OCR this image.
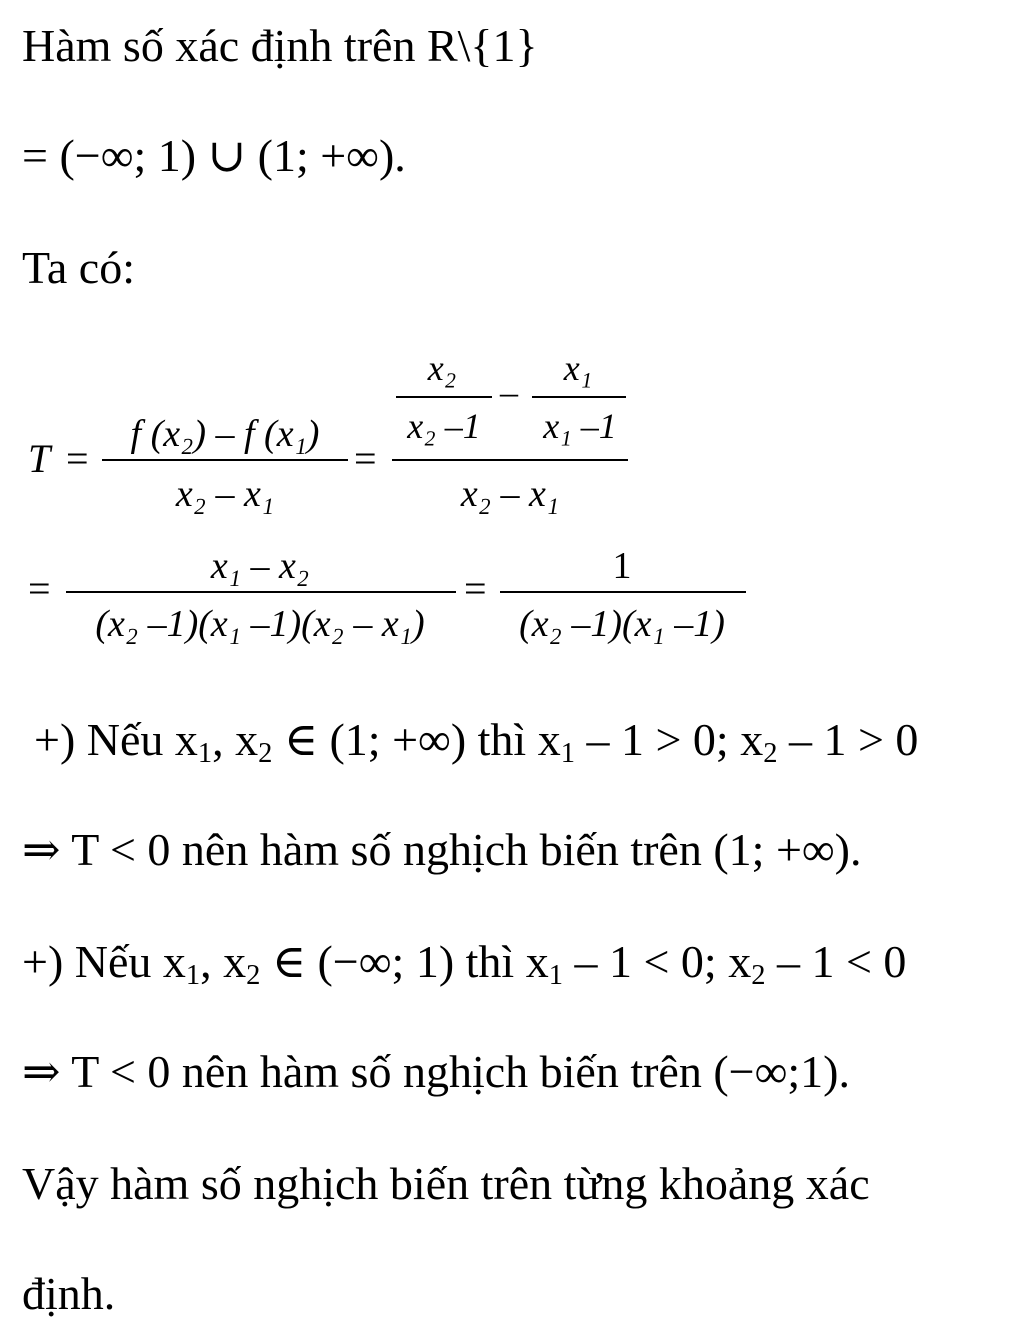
Hàm số xác định trên R\{1}
= (−∞; 1) ∪ (1; +∞).
Ta có:
T =
f (x₂) – f (x₁)
x₂ – x₁
=
x₂
x₂ –1
–
x₁
x₁ –1
x₂ – x₁
=	x₁ – x₂
(x₂ –1)(x₁ –1)(x₂ – x₁)
=	1
(x₂ –1)(x₁ –1)
+) Nếu $x_1$, $x_2$ ∈ (1; +∞) thì $x_1 - 1 > 0$; $x_2 - 1 > 0$
⇒ T < 0 nên hàm số nghịch biến trên (1; +∞).
+) Nếu $x_1$, $x_2$ ∈ (−∞; 1) thì $x_1 - 1 < 0$; $x_2 - 1 < 0$
⇒ T < 0 nên hàm số nghịch biến trên (−∞;1).
Vậy hàm số nghịch biến trên từng khoảng xác
định.
